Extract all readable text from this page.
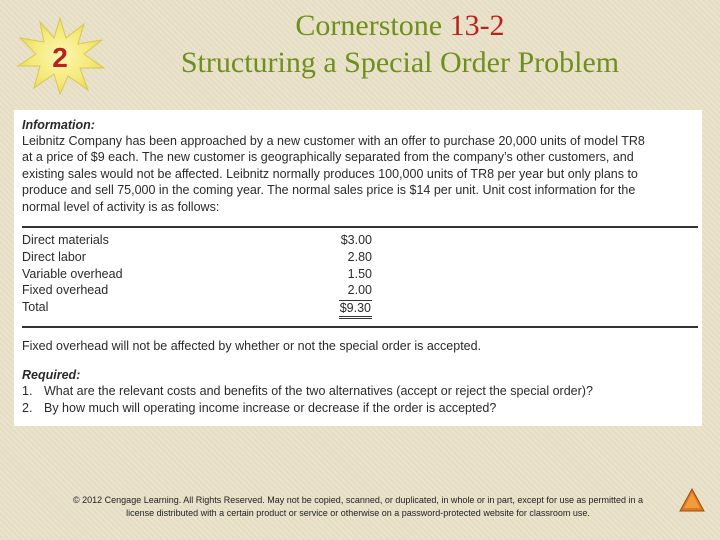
2
Cornerstone 13-2
Structuring a Special Order Problem
Information:
Leibnitz Company has been approached by a new customer with an offer to purchase 20,000 units of model TR8
at a price of $9 each. The new customer is geographically separated from the company’s other customers, and
existing sales would not be affected. Leibnitz normally produces 100,000 units of TR8 per year but only plans to
produce and sell 75,000 in the coming year. The normal sales price is $14 per unit. Unit cost information for the
normal level of activity is as follows:
Direct materials	$3.00
Direct labor	2.80
Variable overhead	1.50
Fixed overhead	2.00
Total	$9.30
Fixed overhead will not be affected by whether or not the special order is accepted.
Required:
1. What are the relevant costs and benefits of the two alternatives (accept or reject the special order)?
2. By how much will operating income increase or decrease if the order is accepted?
© 2012 Cengage Learning. All Rights Reserved. May not be copied, scanned, or duplicated, in whole or in part, except for use as permitted in a
license distributed with a certain product or service or otherwise on a password-protected website for classroom use.
